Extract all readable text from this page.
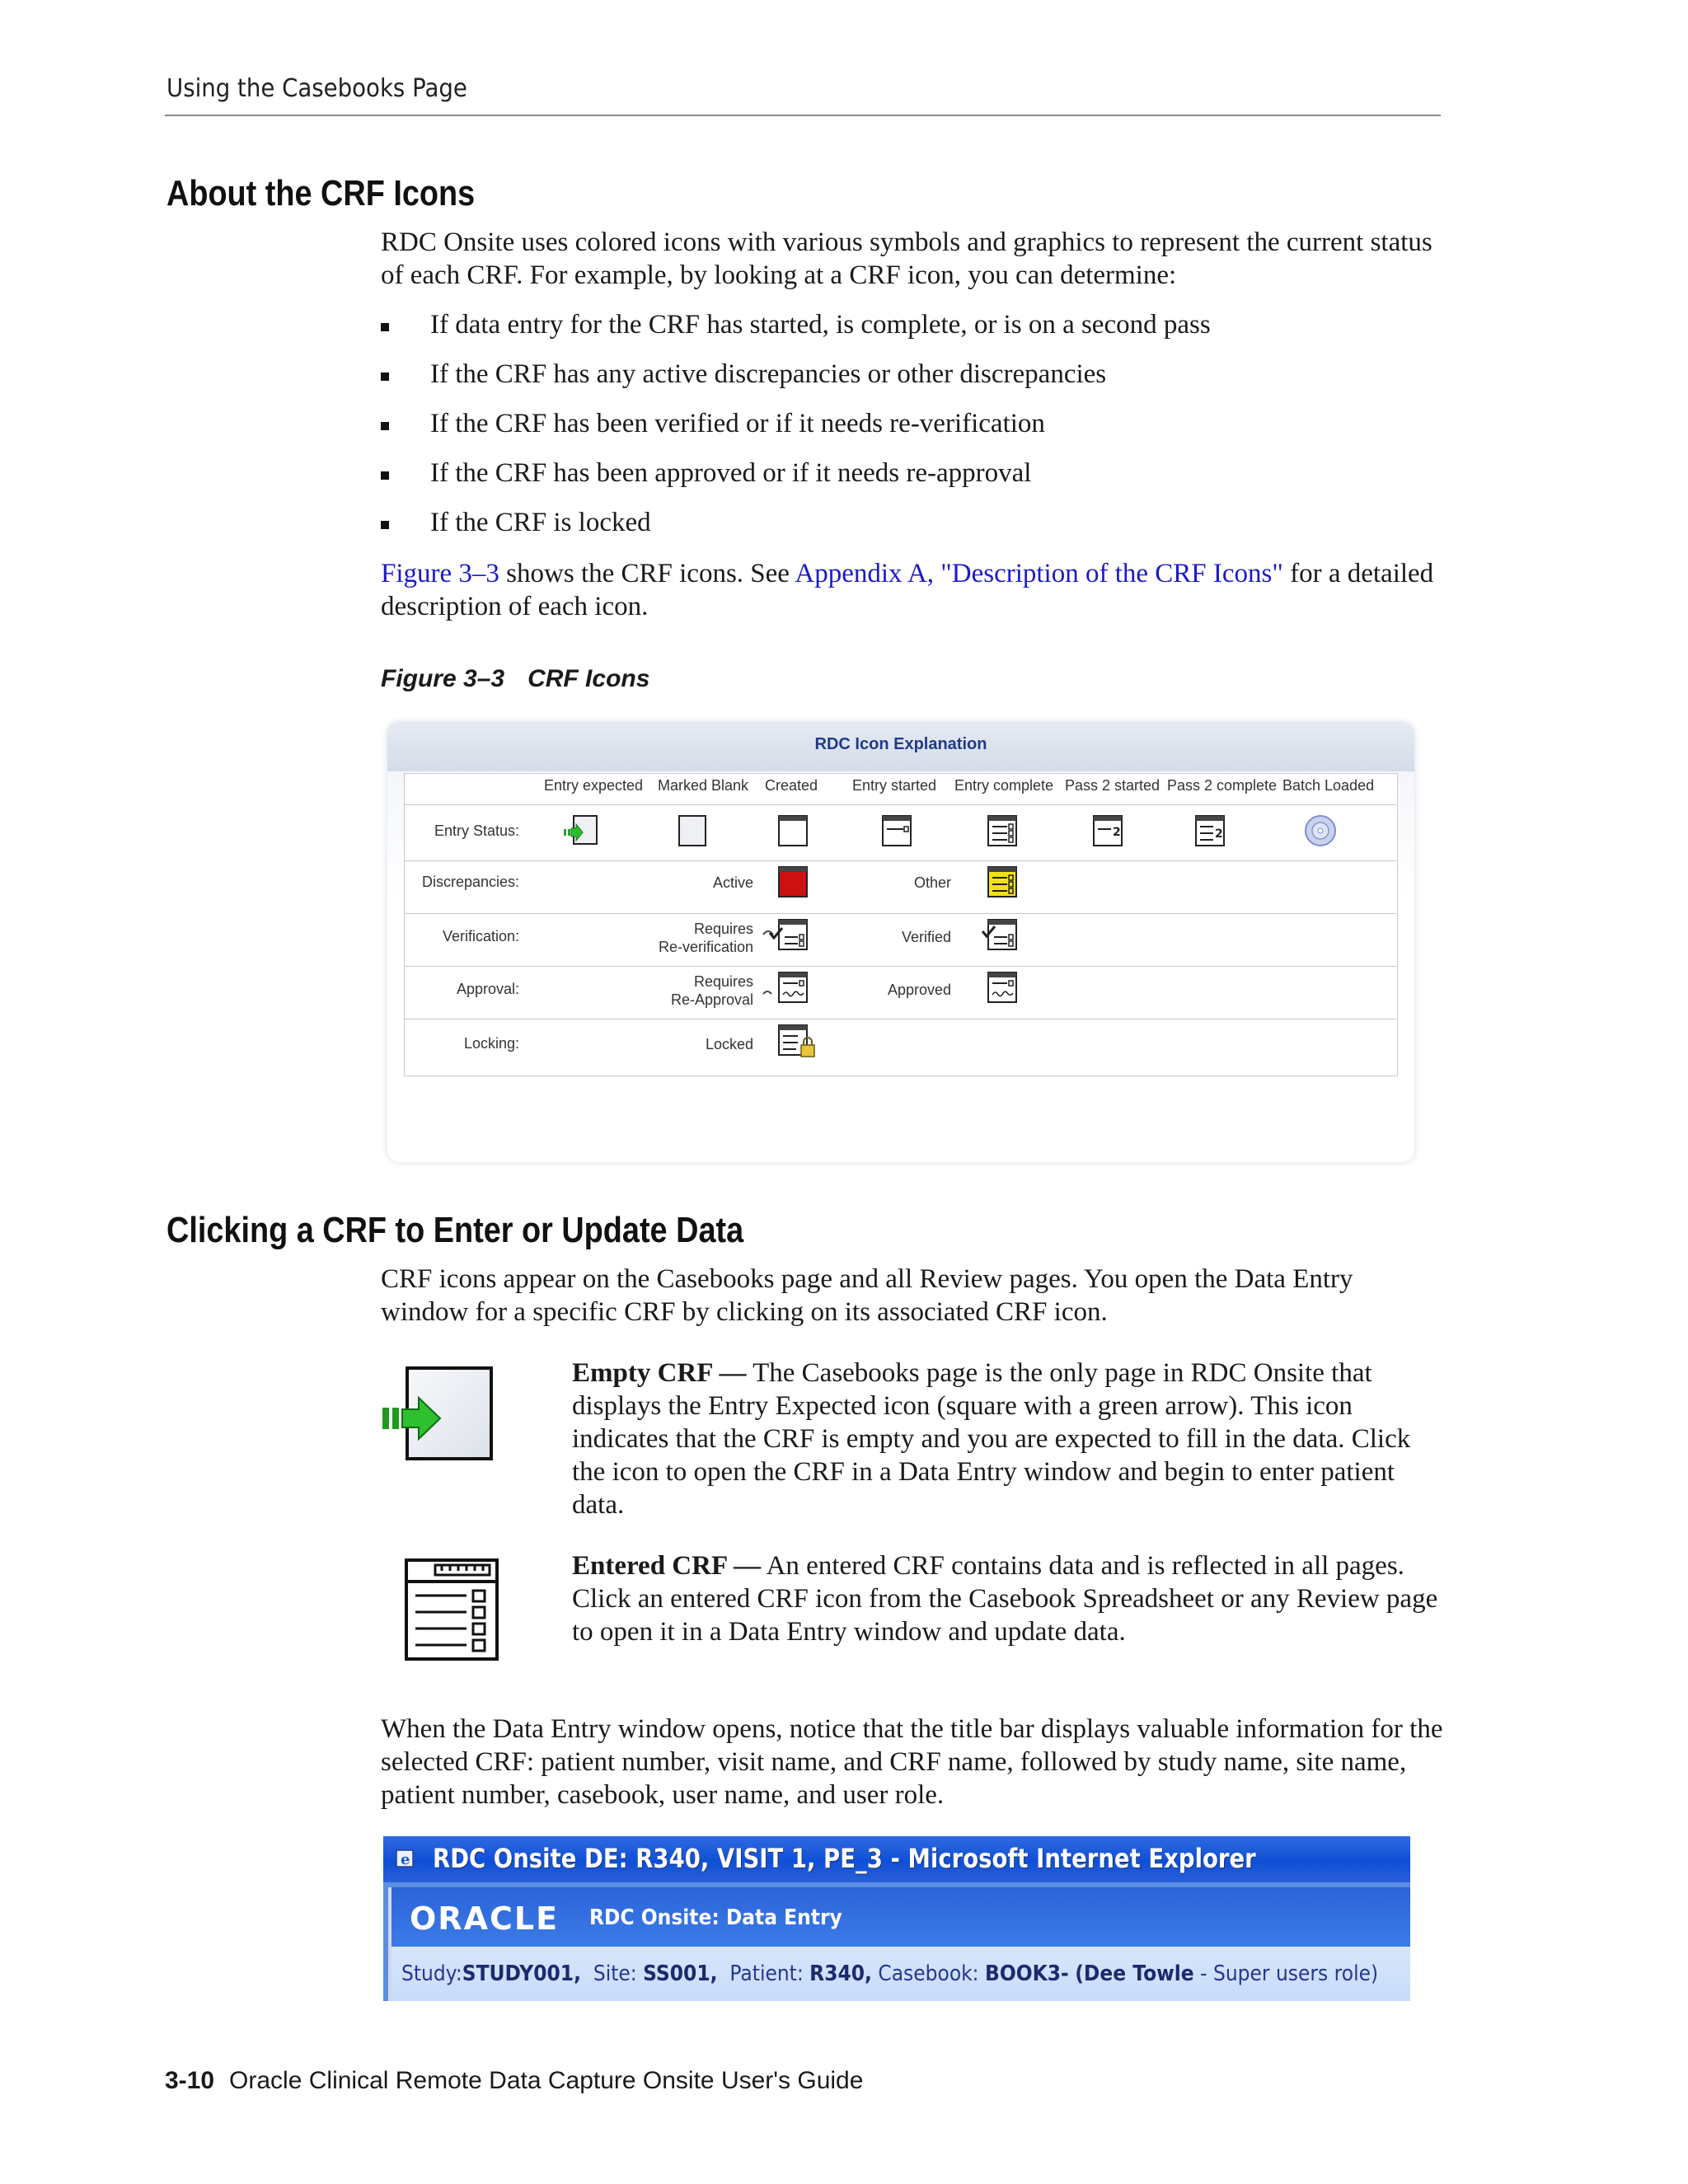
Using the Casebooks Page
About the CRF Icons
RDC Onsite uses colored icons with various symbols and graphics to represent the current status of each CRF. For example, by looking at a CRF icon, you can determine:
If data entry for the CRF has started, is complete, or is on a second pass
If the CRF has any active discrepancies or other discrepancies
If the CRF has been verified or if it needs re-verification
If the CRF has been approved or if it needs re-approval
If the CRF is locked
Figure 3–3 shows the CRF icons. See Appendix A, "Description of the CRF Icons" for a detailed description of each icon.
Figure 3–3 CRF Icons
RDC Icon Explanation
Entry expected Marked Blank Created Entry started Entry complete Pass 2 started Pass 2 complete Batch Loaded
Entry Status:
Discrepancies:
Verification:
Approval:
Locking:
2	2
Active	Other
Requires
Re-verification
Verified
Requires
Re-Approval
Approved
Locked
Clicking a CRF to Enter or Update Data
CRF icons appear on the Casebooks page and all Review pages. You open the Data Entry window for a specific CRF by clicking on its associated CRF icon.
Empty CRF — The Casebooks page is the only page in RDC Onsite that displays the Entry Expected icon (square with a green arrow). This icon indicates that the CRF is empty and you are expected to fill in the data. Click the icon to open the CRF in a Data Entry window and begin to enter patient data.
Entered CRF — An entered CRF contains data and is reflected in all pages. Click an entered CRF icon from the Casebook Spreadsheet or any Review page to open it in a Data Entry window and update data.
When the Data Entry window opens, notice that the title bar displays valuable information for the selected CRF: patient number, visit name, and CRF name, followed by study name, site name, patient number, casebook, user name, and user role.
e RDC Onsite DE: R340, VISIT 1, PE_3 - Microsoft Internet Explorer
ORACLE RDC Onsite: Data Entry
Study:STUDY001, Site: SS001, Patient: R340, Casebook: BOOK3- (Dee Towle - Super users role)
3-10 Oracle Clinical Remote Data Capture Onsite User's Guide
